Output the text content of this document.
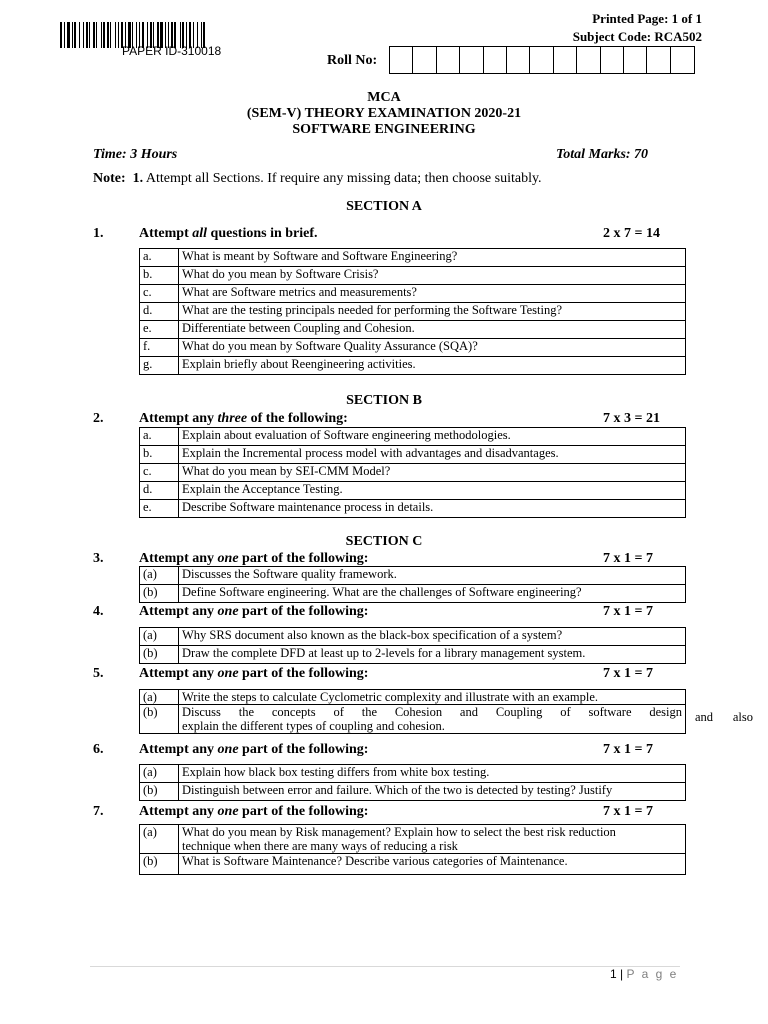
PAPER ID-310018
Printed Page: 1 of 1
Subject Code: RCA502
Roll No:
MCA
(SEM-V) THEORY EXAMINATION 2020-21
SOFTWARE ENGINEERING
Time: 3 Hours	Total Marks: 70
Note: 1. Attempt all Sections. If require any missing data; then choose suitably.
SECTION A
1.	Attempt all questions in brief.	2 x 7 = 14
a.	What is meant by Software and Software Engineering?
b.	What do you mean by Software Crisis?
c.	What are Software metrics and measurements?
d.	What are the testing principals needed for performing the Software Testing?
e.	Differentiate between Coupling and Cohesion.
f.	What do you mean by Software Quality Assurance (SQA)?
g.	Explain briefly about Reengineering activities.
SECTION B
2.	Attempt any three of the following:	7 x 3 = 21
a.	Explain about evaluation of Software engineering methodologies.
b.	Explain the Incremental process model with advantages and disadvantages.
c.	What do you mean by SEI-CMM Model?
d.	Explain the Acceptance Testing.
e.	Describe Software maintenance process in details.
SECTION C
3.	Attempt any one part of the following:	7 x 1 = 7
(a)	Discusses the Software quality framework.
(b)	Define Software engineering. What are the challenges of Software engineering?
4.	Attempt any one part of the following:	7 x 1 = 7
(a)	Why SRS document also known as the black-box specification of a system?
(b)	Draw the complete DFD at least up to 2-levels for a library management system.
5.	Attempt any one part of the following:	7 x 1 = 7
(a)	Write the steps to calculate Cyclometric complexity and illustrate with an example.
(b)	Discuss the concepts of the Cohesion and Coupling of software design
explain the different types of coupling and cohesion.
and also
6.	Attempt any one part of the following:	7 x 1 = 7
(a)	Explain how black box testing differs from white box testing.
(b)	Distinguish between error and failure. Which of the two is detected by testing? Justify
7.	Attempt any one part of the following:	7 x 1 = 7
(a)	What do you mean by Risk management? Explain how to select the best risk reduction
technique when there are many ways of reducing a risk

(b)	What is Software Maintenance? Describe various categories of Maintenance.
1 | P a g e
